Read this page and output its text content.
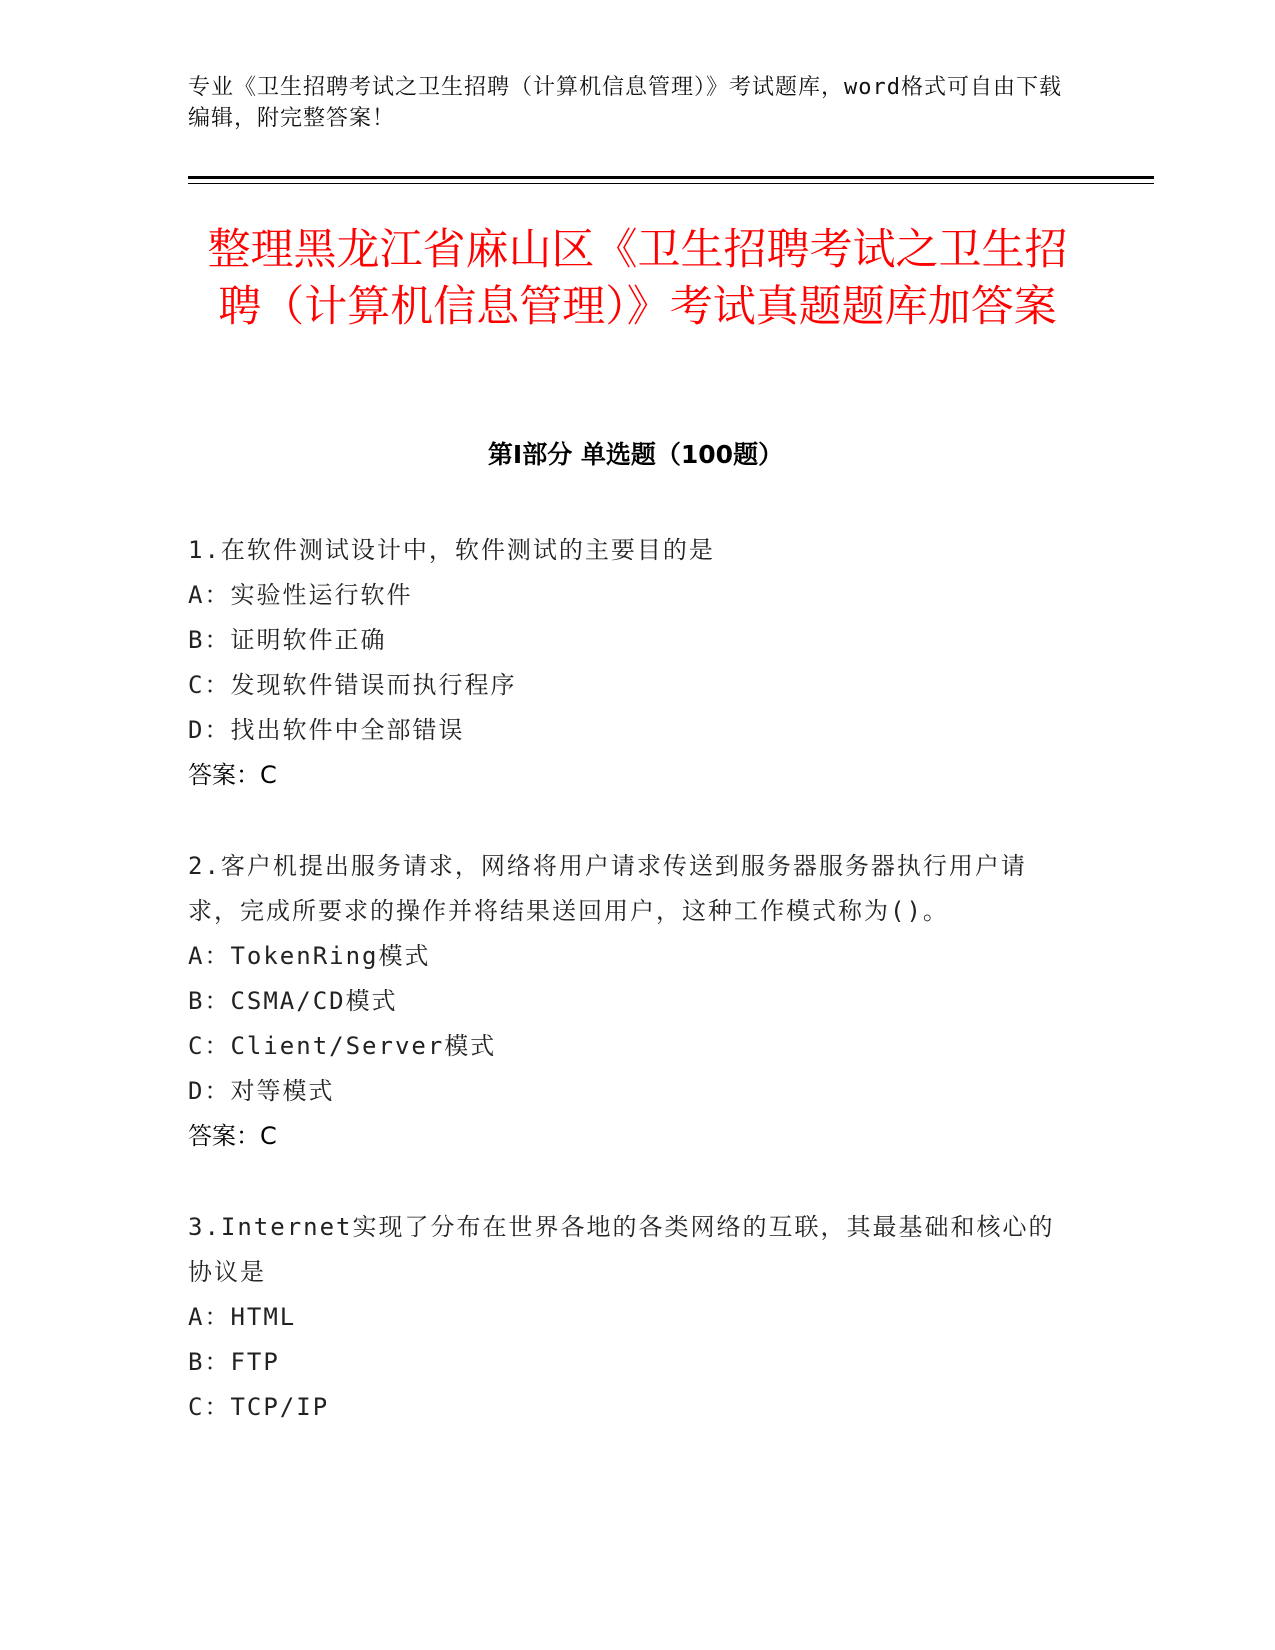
专业《卫生招聘考试之卫生招聘（计算机信息管理）》考试题库，word格式可自由下载编辑，附完整答案！
整理黑龙江省麻山区《卫生招聘考试之卫生招聘（计算机信息管理）》考试真题题库加答案
第I部分 单选题（100题）
1.在软件测试设计中，软件测试的主要目的是
A：实验性运行软件
B：证明软件正确
C：发现软件错误而执行程序
D：找出软件中全部错误
答案：C
2.客户机提出服务请求，网络将用户请求传送到服务器服务器执行用户请求，完成所要求的操作并将结果送回用户，这种工作模式称为()。
A：TokenRing模式
B：CSMA/CD模式
C：Client/Server模式
D：对等模式
答案：C
3.Internet实现了分布在世界各地的各类网络的互联，其最基础和核心的协议是
A：HTML
B：FTP
C：TCP/IP
